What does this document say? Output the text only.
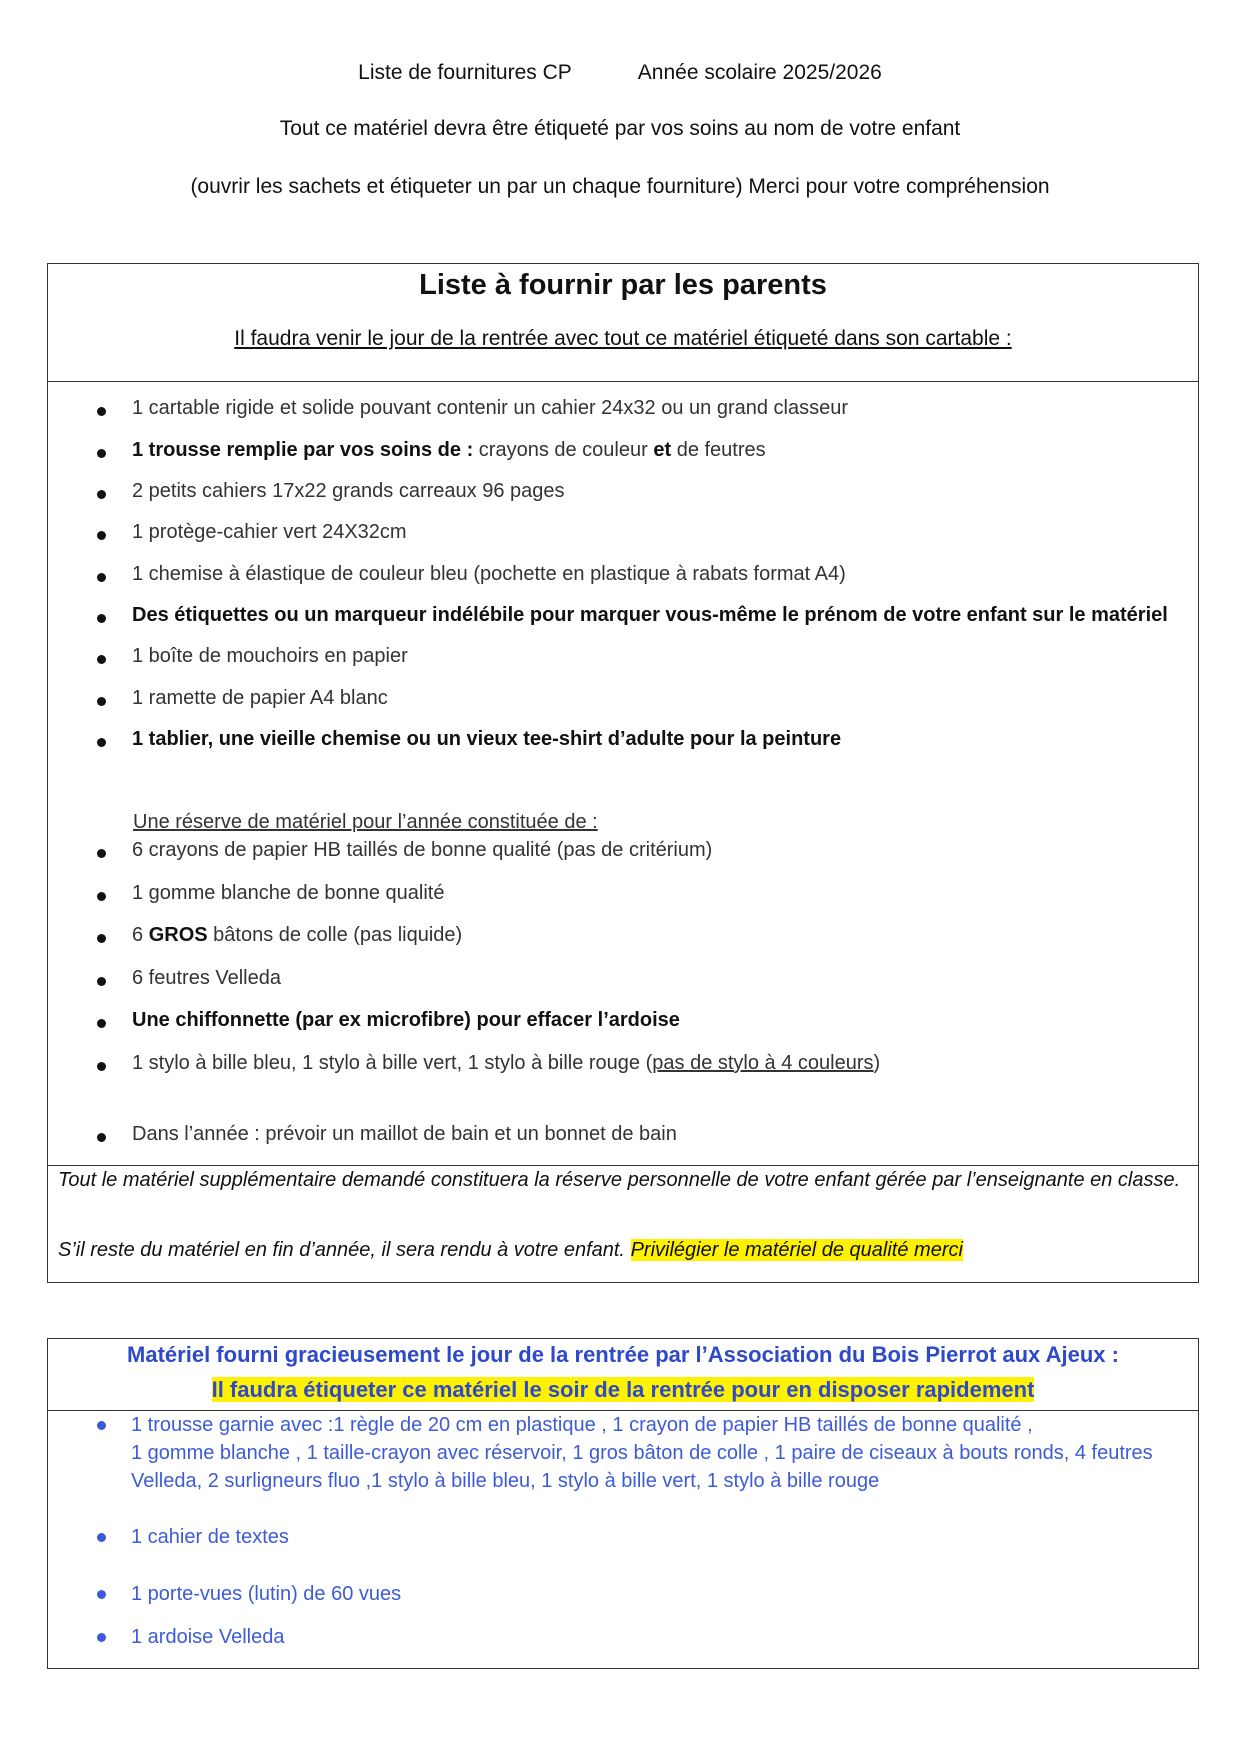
Liste de fournitures CP	Année scolaire 2025/2026
Tout ce matériel devra être étiqueté par vos soins au nom de votre enfant
(ouvrir les sachets et étiqueter un par un chaque fourniture) Merci pour votre compréhension
Liste à fournir par les parents
Il faudra venir le jour de la rentrée avec tout ce matériel étiqueté dans son cartable :
1 cartable rigide et solide pouvant contenir un cahier 24x32 ou un grand classeur
1 trousse remplie par vos soins de : crayons de couleur et de feutres
2 petits cahiers 17x22 grands carreaux 96 pages
1 protège-cahier vert 24X32cm
1 chemise à élastique de couleur bleu (pochette en plastique à rabats format A4)
Des étiquettes ou un marqueur indélébile pour marquer vous-même le prénom de votre enfant sur le matériel
1 boîte de mouchoirs en papier
1 ramette de papier A4 blanc
1 tablier, une vieille chemise ou un vieux tee-shirt d’adulte pour la peinture
Une réserve de matériel pour l’année constituée de :
6 crayons de papier HB taillés de bonne qualité (pas de critérium)
1 gomme blanche de bonne qualité
6 GROS bâtons de colle (pas liquide)
6 feutres Velleda
Une chiffonnette (par ex microfibre) pour effacer l’ardoise
1 stylo à bille bleu, 1 stylo à bille vert, 1 stylo à bille rouge (pas de stylo à 4 couleurs)
Dans l’année : prévoir un maillot de bain et un bonnet de bain
Tout le matériel supplémentaire demandé constituera la réserve personnelle de votre enfant gérée par l’enseignante en classe.
S’il reste du matériel en fin d’année, il sera rendu à votre enfant. Privilégier le matériel de qualité merci
Matériel fourni gracieusement le jour de la rentrée par l’Association du Bois Pierrot aux Ajeux :
Il faudra étiqueter ce matériel le soir de la rentrée pour en disposer rapidement
1 trousse garnie avec :1 règle de 20 cm en plastique , 1 crayon de papier HB taillés de bonne qualité ,
1 gomme blanche , 1 taille-crayon avec réservoir, 1 gros bâton de colle , 1 paire de ciseaux à bouts ronds, 4 feutres
Velleda, 2 surligneurs fluo ,1 stylo à bille bleu, 1 stylo à bille vert, 1 stylo à bille rouge
1 cahier de textes
1 porte-vues (lutin) de 60 vues
1 ardoise Velleda
